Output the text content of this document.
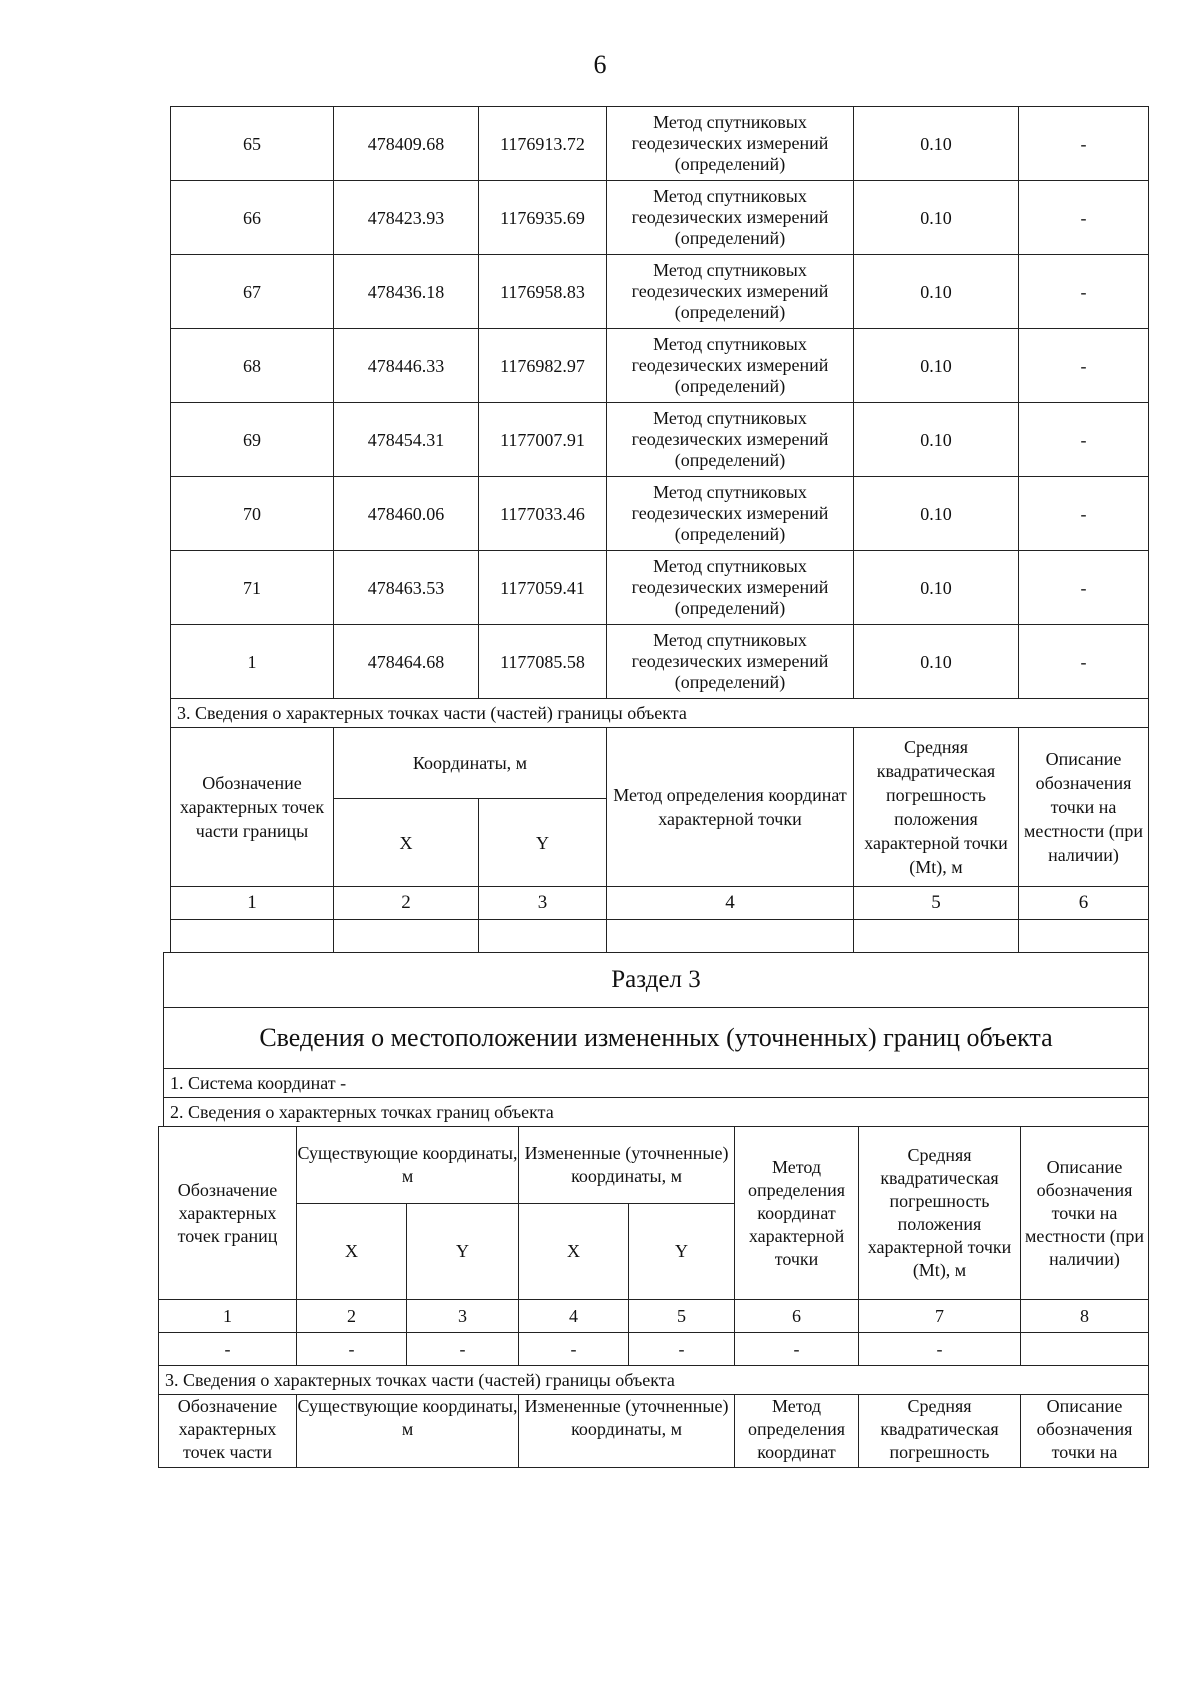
6
65	478409.68	1176913.72	Метод спутниковых геодезических измерений (определений)	0.10	-
66	478423.93	1176935.69	Метод спутниковых геодезических измерений (определений)	0.10	-
67	478436.18	1176958.83	Метод спутниковых геодезических измерений (определений)	0.10	-
68	478446.33	1176982.97	Метод спутниковых геодезических измерений (определений)	0.10	-
69	478454.31	1177007.91	Метод спутниковых геодезических измерений (определений)	0.10	-
70	478460.06	1177033.46	Метод спутниковых геодезических измерений (определений)	0.10	-
71	478463.53	1177059.41	Метод спутниковых геодезических измерений (определений)	0.10	-
1	478464.68	1177085.58	Метод спутниковых геодезических измерений (определений)	0.10	-
3. Сведения о характерных точках части (частей) границы объекта					
Обозначение характерных точек части границы	Координаты, м		Метод определения координат характерной точки	Средняя квадратическая погрешность положения характерной точки (Mt), м	Описание обозначения точки на местности (при наличии)
	X	Y			
1	2	3	4	5	6

Раздел 3
Сведения о местоположении измененных (уточненных) границ объекта
1. Система координат -
2. Сведения о характерных точках границ объекта
Обозначение характерных точек границ	Существующие координаты, м		Измененные (уточненные) координаты, м		Метод определения координат характерной точки	Средняя квадратическая погрешность положения характерной точки (Mt), м	Описание обозначения точки на местности (при наличии)
	X	Y	X	Y			
1	2	3	4	5	6	7	8
-	-	-	-	-	-	-	
3. Сведения о характерных точках части (частей) границы объекта							
Обозначение характерных точек части	Существующие координаты, м		Измененные (уточненные) координаты, м		Метод определения координат	Средняя квадратическая погрешность	Описание обозначения точки на
